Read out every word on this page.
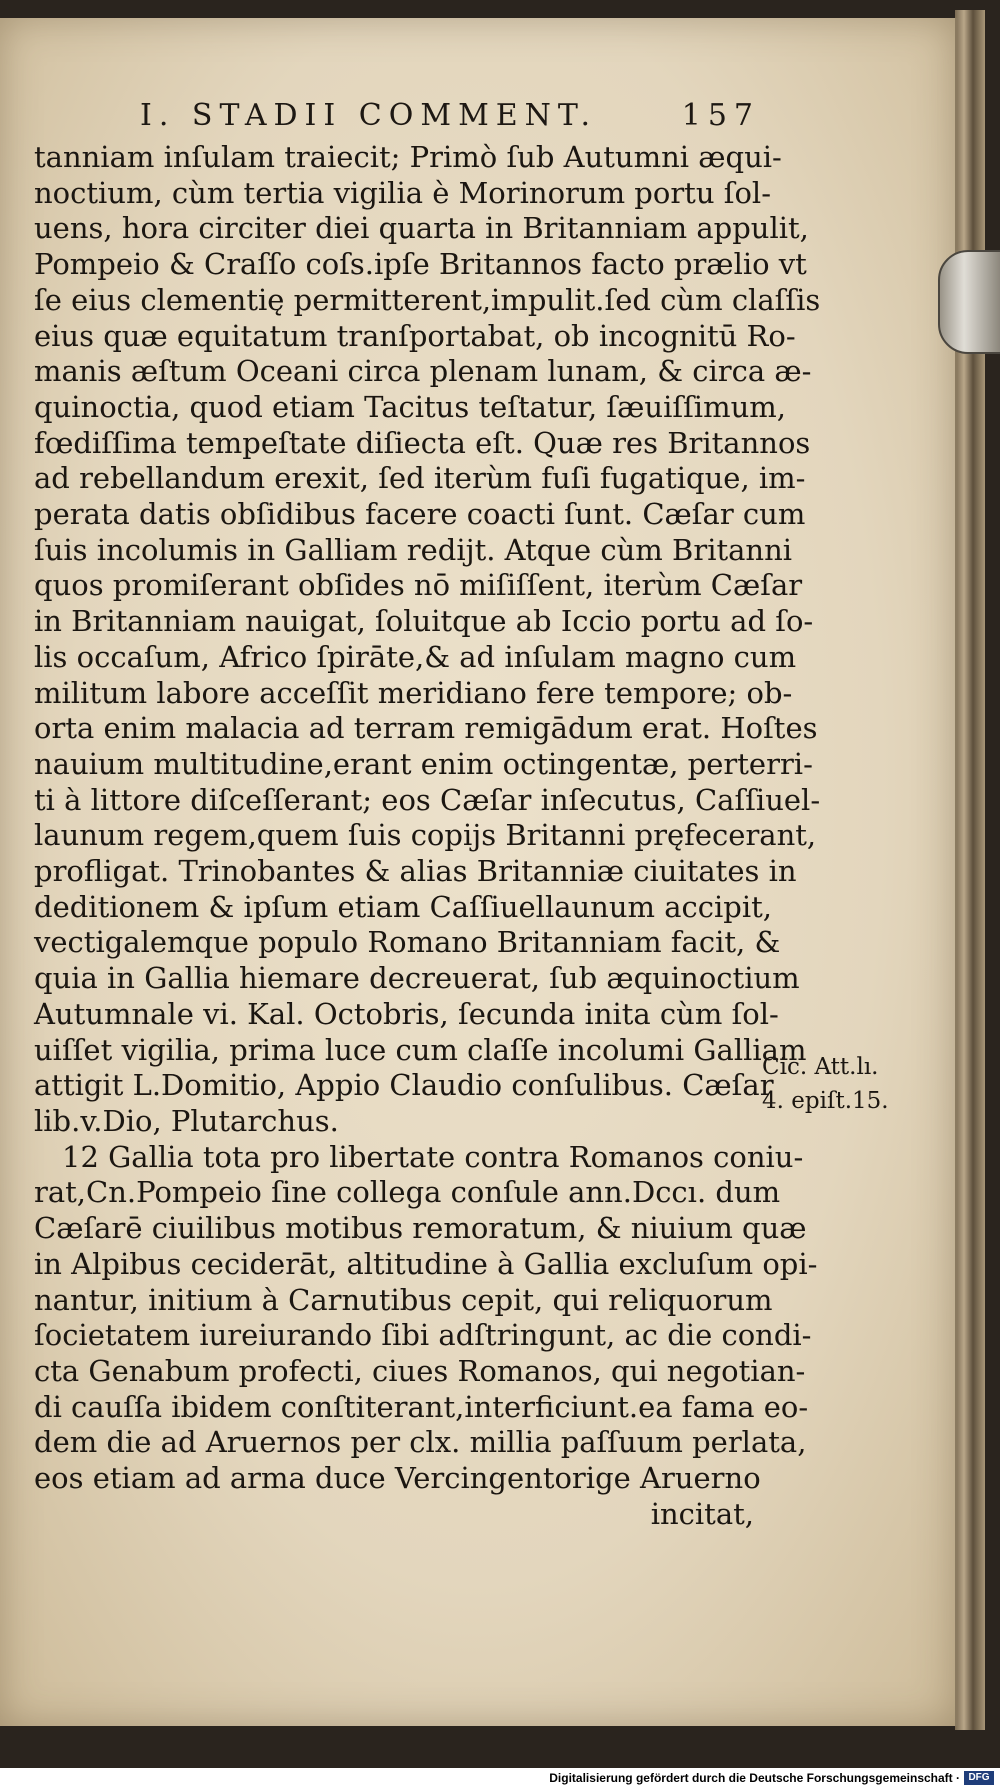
I. STADII COMMENT.	157
tanniam inſulam traiecit; Primò ſub Autumni æqui-
noctium, cùm tertia vigilia è Morinorum portu ſol-
uens, hora circiter diei quarta in Britanniam appulit,
Pompeio & Craſſo coſs.ipſe Britannos facto prælio vt
ſe eius clementię permitterent,impulit.ſed cùm claſſis
eius quæ equitatum tranſportabat, ob incognitū Ro-
manis æſtum Oceani circa plenam lunam, & circa æ-
quinoctia, quod etiam Tacitus teſtatur, ſæuiſſimum,
fœdiſſima tempeſtate diſiecta eſt. Quæ res Britannos
ad rebellandum erexit, ſed iterùm fuſi fugatique, im-
perata datis obſidibus facere coacti ſunt. Cæſar cum
ſuis incolumis in Galliam rediјt. Atque cùm Britanni
quos promiſerant obſides nō miſiſſent, iterùm Cæſar
in Britanniam nauigat, ſoluitque ab Iccio portu ad ſo-
lis occaſum, Africo ſpirātе,& ad inſulam magno cum
militum labore acceſſit meridiano fere tempore; ob-
orta enim malacia ad terram remigādum erat. Hoſtes
nauium multitudine,erant enim octingentæ, perterri-
ti à littore diſceſſerant; eos Cæſar inſecutus, Caſſiuel-
launum regem,quem ſuis copijs Britanni pręfecerant,
profligat. Trinobantes & alias Britanniæ ciuitates in
deditionem & ipſum etiam Caſſiuellaunum accipit,
vectigalemque populo Romano Britanniam facit, &
quia in Gallia hiemare decreuerat, ſub æquinoctium
Autumnale vi. Kal. Octobris, ſecunda inita cùm ſol-
uiſſet vigilia, prima luce cum claſſe incolumi Galliam
attigit L.Domitio, Appio Claudio conſulibus. Cæſar
lib.v.Dio, Plutarchus.
12 Gallia tota pro libertate contra Romanos coniu-
rat,Cn.Pompeio ſine collega conſule ann.Dccı. dum
Cæſarē ciuilibus motibus remoratum, & niuium quæ
in Alpibus ceciderāt, altitudine à Gallia excluſum opi-
nantur, initium à Carnutibus cepit, qui reliquorum
ſocietatem iureiurando ſibi adſtringunt, ac die condi-
cta Genabum profecti, ciues Romanos, qui negotian-
di cauſſa ibidem conſtiterant,interficiunt.ea fama eo-
dem die ad Aruernos per clx. millia paſſuum perlata,
eos etiam ad arma duce Vercingentorige Aruerno
incitat,
Cic. Att.lı.
4. epiſt.15.
Digitalisierung gefördert durch die Deutsche Forschungsgemeinschaft · DFG
